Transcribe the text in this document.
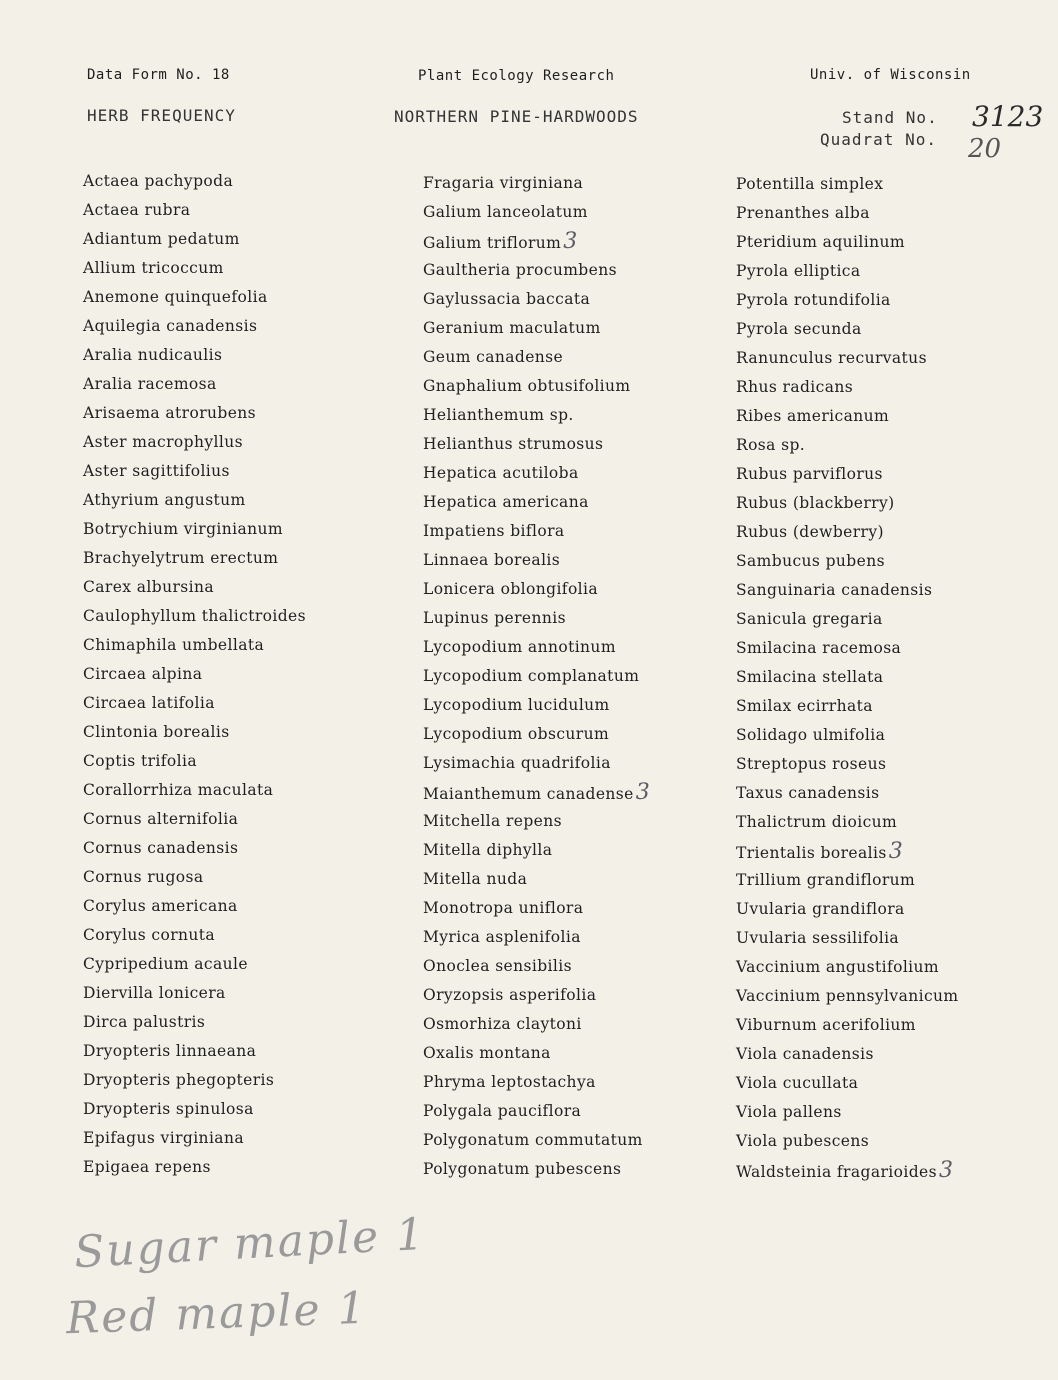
Data Form No. 18	Plant Ecology Research	Univ. of Wisconsin
HERB FREQUENCY	NORTHERN PINE-HARDWOODS	Stand No. 3123
Quadrat No. 20
Actaea pachypoda
Actaea rubra
Adiantum pedatum
Allium tricoccum
Anemone quinquefolia
Aquilegia canadensis
Aralia nudicaulis
Aralia racemosa
Arisaema atrorubens
Aster macrophyllus
Aster sagittifolius
Athyrium angustum
Botrychium virginianum
Brachyelytrum erectum
Carex albursina
Caulophyllum thalictroides
Chimaphila umbellata
Circaea alpina
Circaea latifolia
Clintonia borealis
Coptis trifolia
Corallorrhiza maculata
Cornus alternifolia
Cornus canadensis
Cornus rugosa
Corylus americana
Corylus cornuta
Cypripedium acaule
Diervilla lonicera
Dirca palustris
Dryopteris linnaeana
Dryopteris phegopteris
Dryopteris spinulosa
Epifagus virginiana
Epigaea repens
Fragaria virginiana
Galium lanceolatum
Galium triflorum3
Gaultheria procumbens
Gaylussacia baccata
Geranium maculatum
Geum canadense
Gnaphalium obtusifolium
Helianthemum sp.
Helianthus strumosus
Hepatica acutiloba
Hepatica americana
Impatiens biflora
Linnaea borealis
Lonicera oblongifolia
Lupinus perennis
Lycopodium annotinum
Lycopodium complanatum
Lycopodium lucidulum
Lycopodium obscurum
Lysimachia quadrifolia
Maianthemum canadense3
Mitchella repens
Mitella diphylla
Mitella nuda
Monotropa uniflora
Myrica asplenifolia
Onoclea sensibilis
Oryzopsis asperifolia
Osmorhiza claytoni
Oxalis montana
Phryma leptostachya
Polygala pauciflora
Polygonatum commutatum
Polygonatum pubescens
Potentilla simplex
Prenanthes alba
Pteridium aquilinum
Pyrola elliptica
Pyrola rotundifolia
Pyrola secunda
Ranunculus recurvatus
Rhus radicans
Ribes americanum
Rosa sp.
Rubus parviflorus
Rubus (blackberry)
Rubus (dewberry)
Sambucus pubens
Sanguinaria canadensis
Sanicula gregaria
Smilacina racemosa
Smilacina stellata
Smilax ecirrhata
Solidago ulmifolia
Streptopus roseus
Taxus canadensis
Thalictrum dioicum
Trientalis borealis3
Trillium grandiflorum
Uvularia grandiflora
Uvularia sessilifolia
Vaccinium angustifolium
Vaccinium pennsylvanicum
Viburnum acerifolium
Viola canadensis
Viola cucullata
Viola pallens
Viola pubescens
Waldsteinia fragarioides3
Sugar maple 1
Red maple 1
